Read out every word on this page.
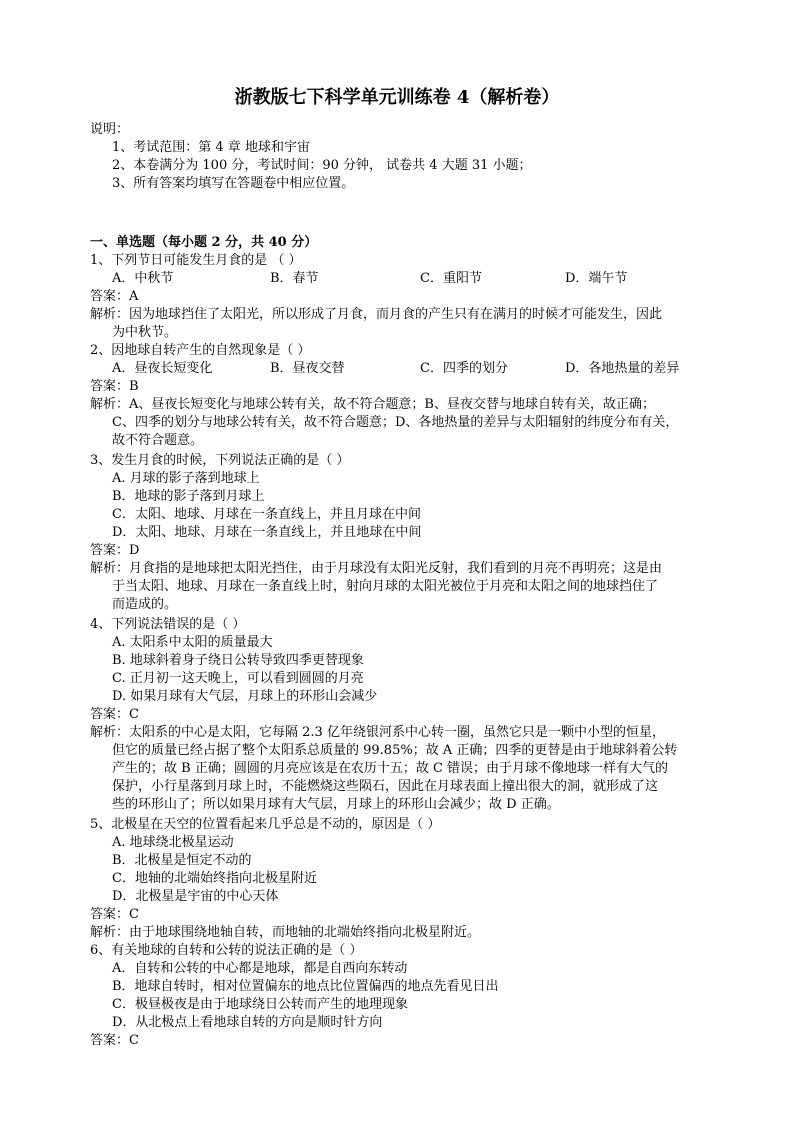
浙教版七下科学单元训练卷 4（解析卷）
说明：
1、考试范围：第 4 章 地球和宇宙
2、本卷满分为 100 分，考试时间：90 分钟， 试卷共 4 大题 31 小题；
3、所有答案均填写在答题卷中相应位置。
一、单选题（每小题 2 分，共 40 分）
1、下列节日可能发生月食的是 （ ）
A．中秋节	B．春节	C．重阳节	D．端午节
答案：A
解析：因为地球挡住了太阳光，所以形成了月食，而月食的产生只有在满月的时候才可能发生，因此
为中秋节。
2、因地球自转产生的自然现象是（ ）
A．昼夜长短变化	B．昼夜交替	C．四季的划分	D．各地热量的差异
答案：B
解析：A、昼夜长短变化与地球公转有关，故不符合题意；B、昼夜交替与地球自转有关，故正确；
C、四季的划分与地球公转有关，故不符合题意；D、各地热量的差异与太阳辐射的纬度分布有关，
故不符合题意。
3、发生月食的时候，下列说法正确的是（ ）
A. 月球的影子落到地球上
B．地球的影子落到月球上
C．太阳、地球、月球在一条直线上，并且月球在中间
D．太阳、地球、月球在一条直线上，并且地球在中间
答案：D
解析：月食指的是地球把太阳光挡住，由于月球没有太阳光反射，我们看到的月亮不再明亮；这是由
于当太阳、地球、月球在一条直线上时，射向月球的太阳光被位于月亮和太阳之间的地球挡住了
而造成的。
4、下列说法错误的是（ ）
A. 太阳系中太阳的质量最大
B. 地球斜着身子绕日公转导致四季更替现象
C. 正月初一这天晚上，可以看到圆圆的月亮
D. 如果月球有大气层，月球上的环形山会减少
答案：C
解析：太阳系的中心是太阳，它每隔 2.3 亿年绕银河系中心转一圈，虽然它只是一颗中小型的恒星，
但它的质量已经占据了整个太阳系总质量的 99.85%；故 A 正确；四季的更替是由于地球斜着公转
产生的；故 B 正确；圆圆的月亮应该是在农历十五；故 C 错误；由于月球不像地球一样有大气的
保护，小行星落到月球上时，不能燃烧这些陨石，因此在月球表面上撞出很大的洞，就形成了这
些的环形山了；所以如果月球有大气层，月球上的环形山会减少；故 D 正确。
5、北极星在天空的位置看起来几乎总是不动的，原因是（ ）
A. 地球绕北极星运动
B．北极星是恒定不动的
C．地轴的北端始终指向北极星附近
D．北极星是宇宙的中心天体
答案：C
解析：由于地球围绕地轴自转，而地轴的北端始终指向北极星附近。
6、有关地球的自转和公转的说法正确的是（ ）
A．自转和公转的中心都是地球，都是自西向东转动
B．地球自转时，相对位置偏东的地点比位置偏西的地点先看见日出
C．极昼极夜是由于地球绕日公转而产生的地理现象
D．从北极点上看地球自转的方向是顺时针方向
答案：C
